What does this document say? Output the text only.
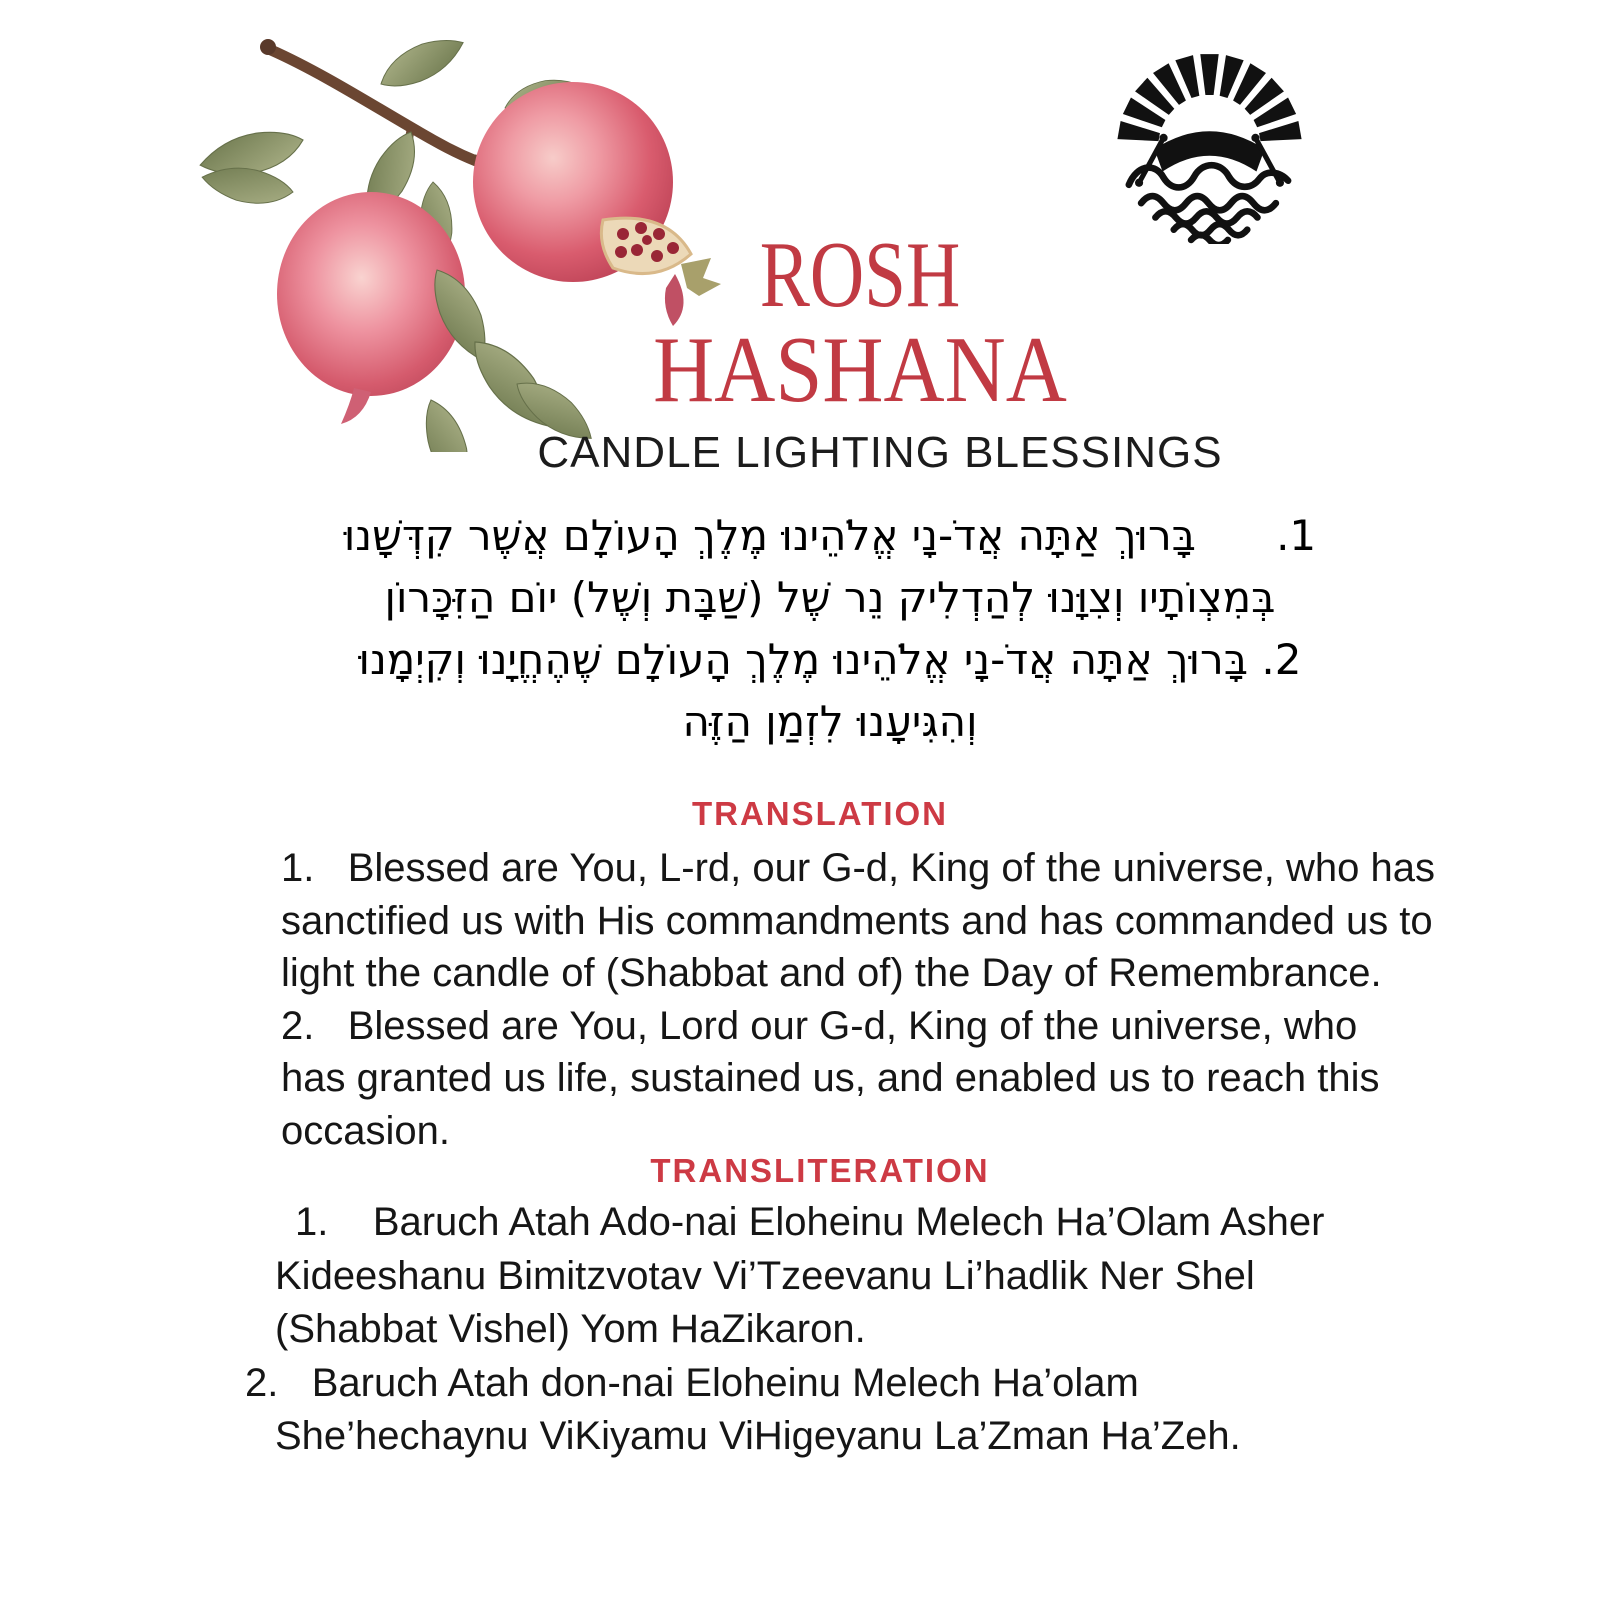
ROSH
HASHANA
CANDLE LIGHTING BLESSINGS
1.      בָּרוּךְ אַתָּה אֲדֹ-נָי אֱלֹהֵינוּ מֶלֶךְ הָעוֹלָם אֲשֶׁר קִדְּשָׁנוּ
בְּמִצְוֹתָיו וְצִוָּנוּ לְהַדְלִיק נֵר שֶׁל (שַׁבָּת וְשֶׁל) יוֹם הַזִּכָּרוֹן
2. בָּרוּךְ אַתָּה אֲדֹ-נָי אֱלֹהֵינוּ מֶלֶךְ הָעוֹלָם שֶׁהֶחֱיָנוּ וְקִיְמָנוּ
וְהִגִּיעָנוּ לִזְמַן הַזֶּה
TRANSLATION
1.   Blessed are You, L-rd, our G-d, King of the universe, who has
sanctified us with His commandments and has commanded us to
light the candle of (Shabbat and of) the Day of Remembrance.
2.   Blessed are You, Lord our G-d, King of the universe, who
has granted us life, sustained us, and enabled us to reach this
occasion.
TRANSLITERATION
1.    Baruch Atah Ado-nai Eloheinu Melech Ha’Olam Asher
Kideeshanu Bimitzvotav Vi’Tzeevanu Li’hadlik Ner Shel
(Shabbat Vishel) Yom HaZikaron.
2.   Baruch Atah don-nai Eloheinu Melech Ha’olam
She’hechaynu ViKiyamu ViHigeyanu La’Zman Ha’Zeh.
